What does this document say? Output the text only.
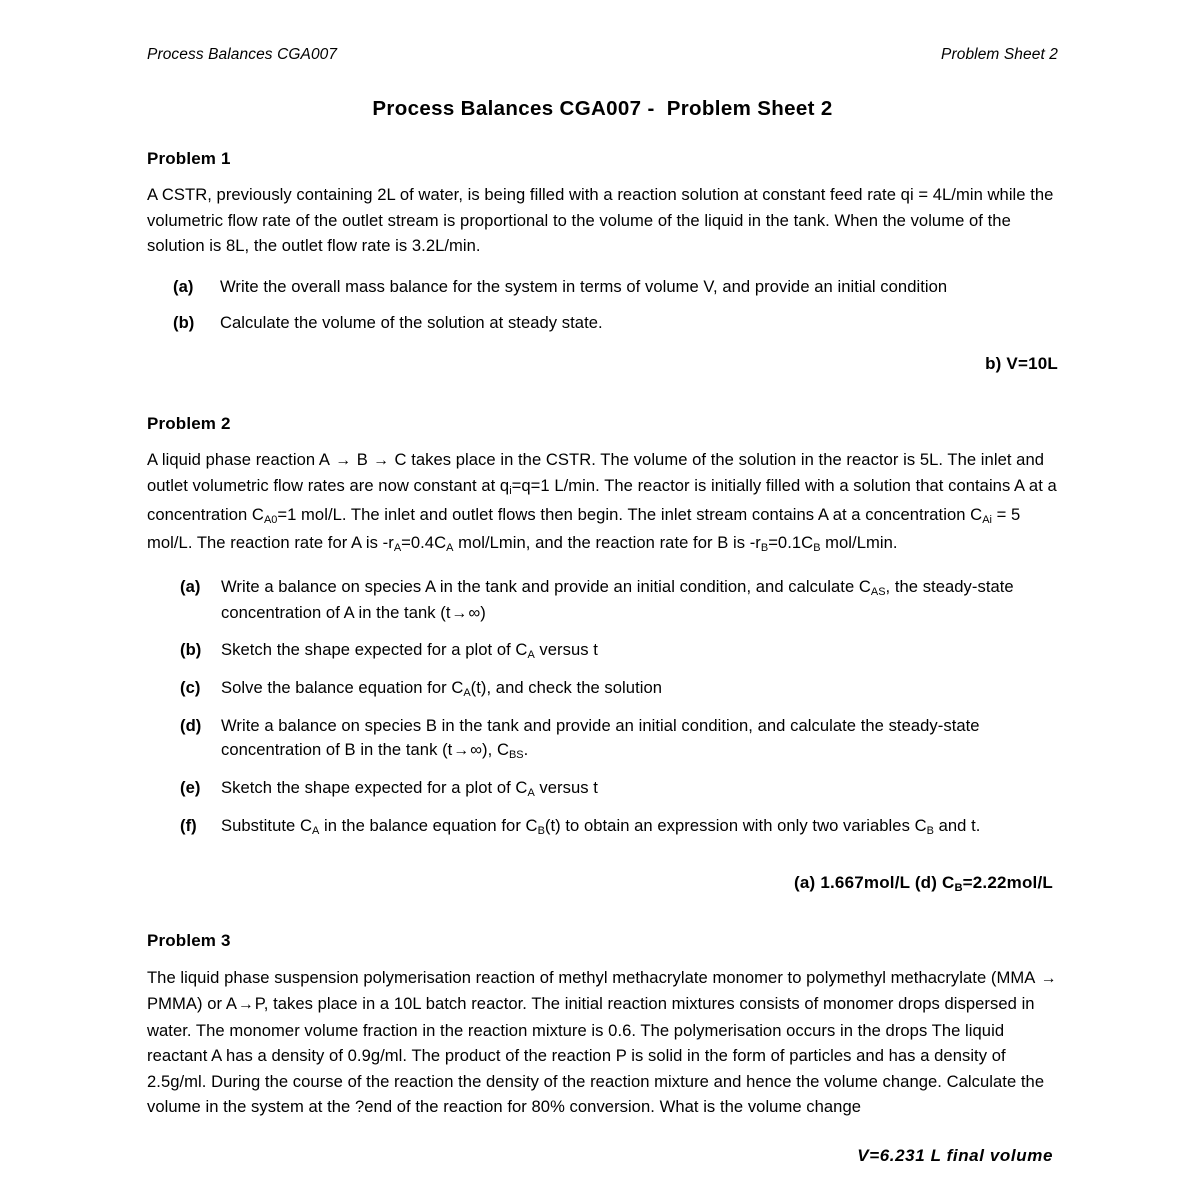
Process Balances CGA007	Problem Sheet 2
Process Balances CGA007 -  Problem Sheet 2
Problem 1

A CSTR, previously containing 2L of water, is being filled with a reaction solution at constant feed rate qi = 4L/min while the volumetric flow rate of the outlet stream is proportional to the volume of the liquid in the tank. When the volume of the solution is 8L, the outlet flow rate is 3.2L/min.

(a) Write the overall mass balance for the system in terms of volume V, and provide an initial condition
(b) Calculate the volume of the solution at steady state.
b) V=10L
Problem 2

A liquid phase reaction A → B → C takes place in the CSTR. The volume of the solution in the reactor is 5L. The inlet and outlet volumetric flow rates are now constant at $q_i=q=1$ L/min. The reactor is initially filled with a solution that contains A at a concentration $C_{A0}=1$ mol/L. The inlet and outlet flows then begin. The inlet stream contains A at a concentration $C_{Ai} = 5$ mol/L. The reaction rate for A is $-r_A=0.4C_A$ mol/Lmin, and the reaction rate for B is $-r_B=0.1C_B$ mol/Lmin.

(a) Write a balance on species A in the tank and provide an initial condition, and calculate $C_{AS}$, the steady-state concentration of A in the tank (t→∞)
(b) Sketch the shape expected for a plot of $C_A$ versus t
(c) Solve the balance equation for $C_A(t)$, and check the solution
(d) Write a balance on species B in the tank and provide an initial condition, and calculate the steady-state concentration of B in the tank (t→∞), $C_{BS}$.
(e) Sketch the shape expected for a plot of $C_A$ versus t
(f) Substitute $C_A$ in the balance equation for $C_B(t)$ to obtain an expression with only two variables $C_B$ and t.
(a) 1.667mol/L (d) $C_B=2.22mol/L$
Problem 3

The liquid phase suspension polymerisation reaction of methyl methacrylate monomer to polymethyl methacrylate (MMA → PMMA) or A→P, takes place in a 10L batch reactor. The initial reaction mixtures consists of monomer drops dispersed in water. The monomer volume fraction in the reaction mixture is 0.6. The polymerisation occurs in the drops The liquid reactant A has a density of 0.9g/ml. The product of the reaction P is solid in the form of particles and has a density of 2.5g/ml. During the course of the reaction the density of the reaction mixture and hence the volume change. Calculate the volume in the system at the ?end of the reaction for 80% conversion. What is the volume change

V=6.231 L final volume
